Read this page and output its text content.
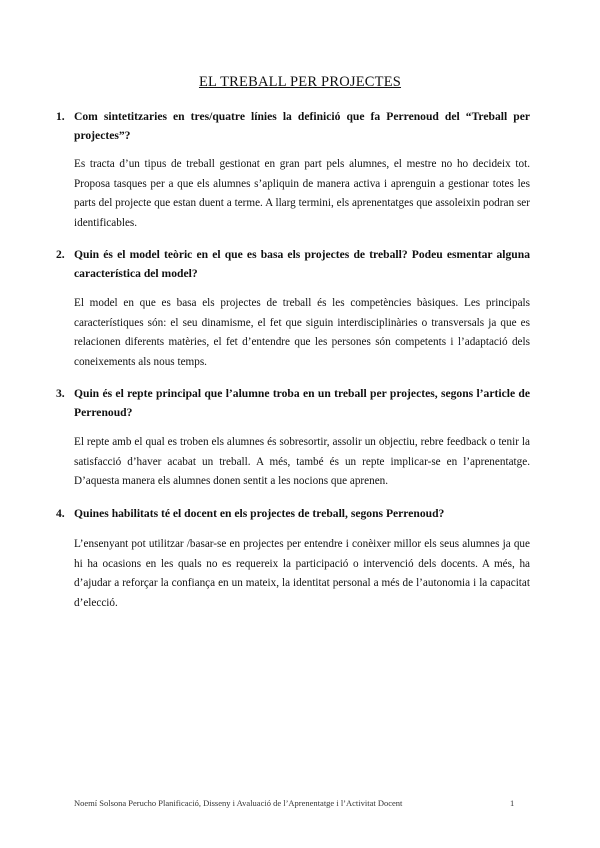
EL TREBALL PER PROJECTES
1. Com sintetitzaries en tres/quatre línies la definició que fa Perrenoud del “Treball per projectes”?

Es tracta d’un tipus de treball gestionat en gran part pels alumnes, el mestre no ho decideix tot. Proposa tasques per a que els alumnes s’apliquin de manera activa i aprenguin a gestionar totes les parts del projecte que estan duent a terme. A llarg termini, els aprenentatges que assoleixin podran ser identificables.

2. Quin és el model teòric en el que es basa els projectes de treball? Podeu esmentar alguna característica del model?

El model en que es basa els projectes de treball és les competències bàsiques. Les principals característiques són: el seu dinamisme, el fet que siguin interdisciplinàries o transversals ja que es relacionen diferents matèries, el fet d’entendre que les persones són competents i l’adaptació dels coneixements als nous temps.

3. Quin és el repte principal que l’alumne troba en un treball per projectes, segons l’article de Perrenoud?

El repte amb el qual es troben els alumnes és sobresortir, assolir un objectiu, rebre feedback o tenir la satisfacció d’haver acabat un treball. A més, també és un repte implicar-se en l’aprenentatge. D’aquesta manera els alumnes donen sentit a les nocions que aprenen.

4. Quines habilitats té el docent en els projectes de treball, segons Perrenoud?

L’ensenyant pot utilitzar /basar-se en projectes per entendre i conèixer millor els seus alumnes ja que hi ha ocasions en les quals no es requereix la participació o intervenció dels docents. A més, ha d’ajudar a reforçar la confiança en un mateix, la identitat personal a més de l’autonomia i la capacitat d’elecció.

Noemí Solsona Perucho Planificació, Disseny i Avaluació de l’Aprenentatge i l’Activitat Docent	1
